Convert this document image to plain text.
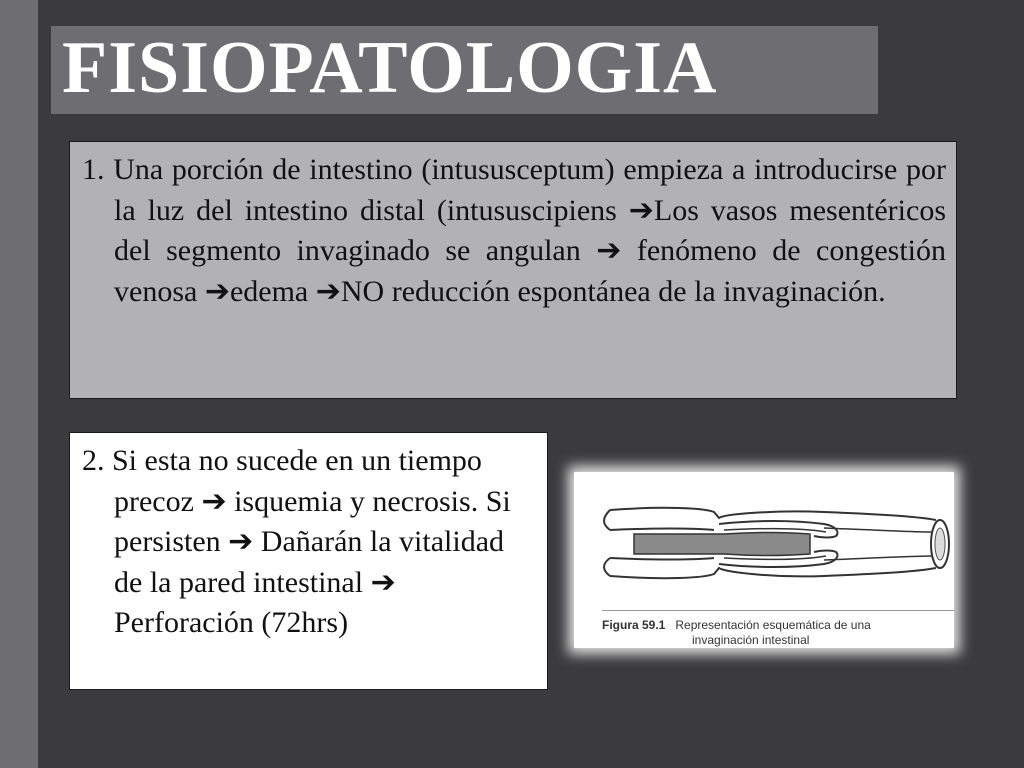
FISIOPATOLOGIA

1. Una porción de intestino (intususceptum) empieza a introducirse por la luz del intestino distal (intususcipiens ➔Los vasos mesentéricos del segmento invaginado se angulan ➔ fenómeno de congestión venosa ➔edema ➔NO reducción espontánea de la invaginación.

2. Si esta no sucede en un tiempo precoz ➔ isquemia y necrosis. Si persisten ➔ Dañarán la vitalidad de la pared intestinal ➔ Perforación (72hrs)	Figura 59.1 Representación esquemática de una
invaginación intestinal
